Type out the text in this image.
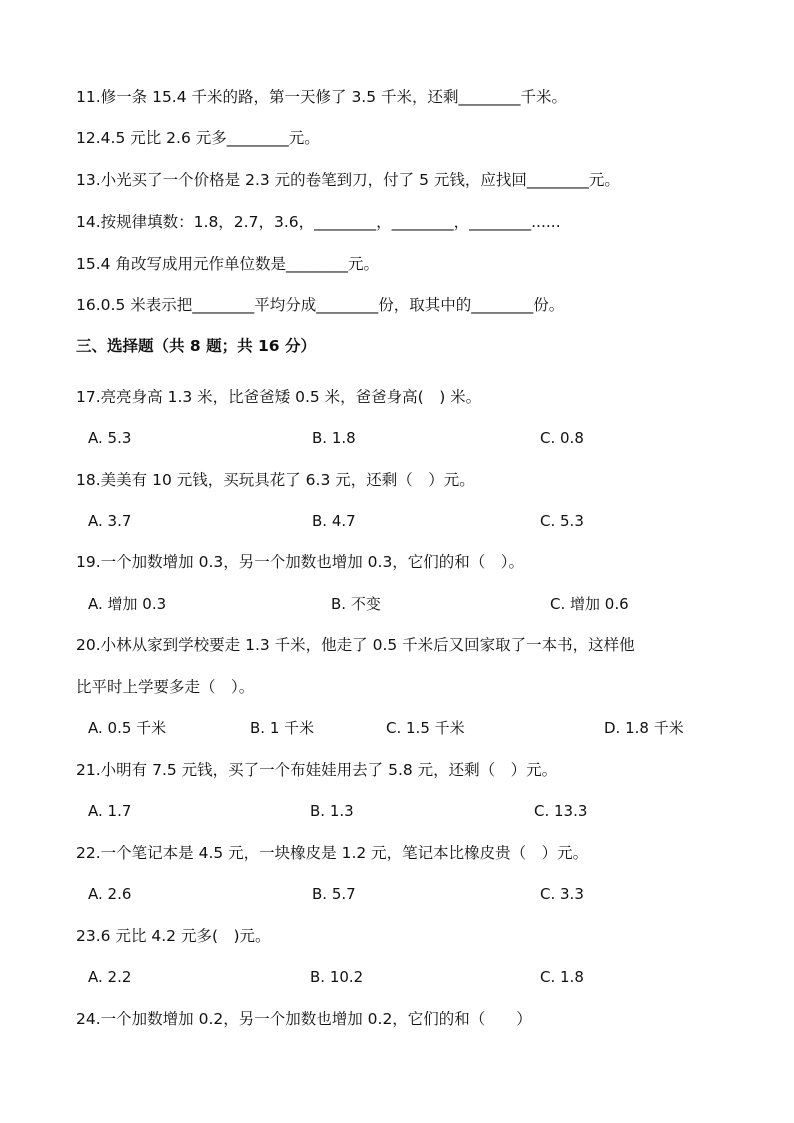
11.修一条 15.4 千米的路，第一天修了 3.5 千米，还剩________千米。
12.4.5 元比 2.6 元多________元。
13.小光买了一个价格是 2.3 元的卷笔到刀，付了 5 元钱，应找回________元。
14.按规律填数：1.8，2.7，3.6，________，________，________......
15.4 角改写成用元作单位数是________元。
16.0.5 米表示把________平均分成________份，取其中的________份。
三、选择题（共 8 题；共 16 分）
17.亮亮身高 1.3 米，比爸爸矮 0.5 米，爸爸身高(　) 米。
A. 5.3	B. 1.8	C. 0.8
18.美美有 10 元钱，买玩具花了 6.3 元，还剩（　）元。
A. 3.7	B. 4.7	C. 5.3
19.一个加数增加 0.3，另一个加数也增加 0.3，它们的和（　）。
A. 增加 0.3	B. 不变	C. 增加 0.6
20.小林从家到学校要走 1.3 千米，他走了 0.5 千米后又回家取了一本书，这样他
比平时上学要多走（　）。
A. 0.5 千米	B. 1 千米	C. 1.5 千米	D. 1.8 千米
21.小明有 7.5 元钱，买了一个布娃娃用去了 5.8 元，还剩（　）元。
A. 1.7	B. 1.3	C. 13.3
22.一个笔记本是 4.5 元，一块橡皮是 1.2 元，笔记本比橡皮贵（　）元。
A. 2.6	B. 5.7	C. 3.3
23.6 元比 4.2 元多(　)元。
A. 2.2	B. 10.2	C. 1.8
24.一个加数增加 0.2，另一个加数也增加 0.2，它们的和（　　）
